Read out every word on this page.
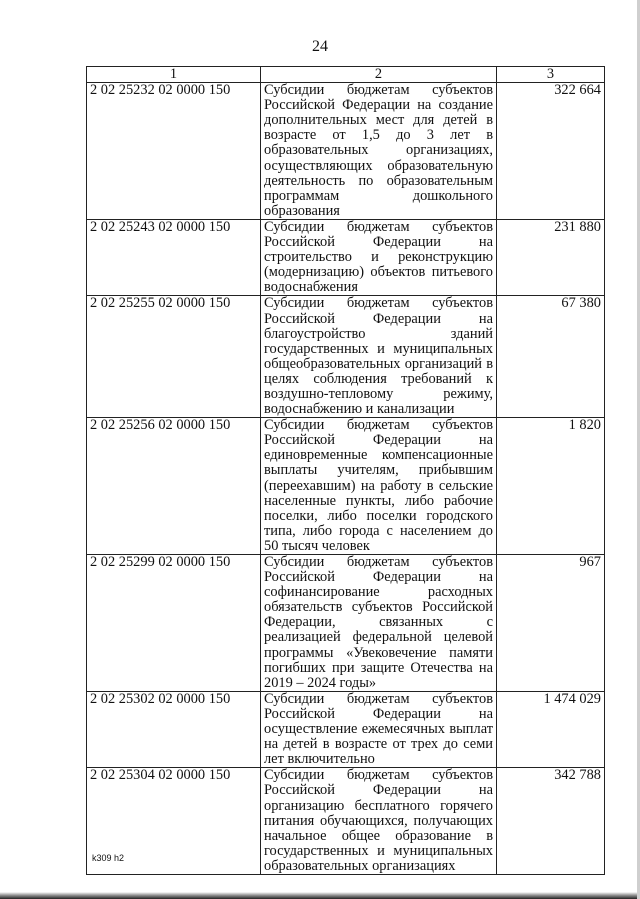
24
1	2	3
2 02 25232 02 0000 150	Субсидии бюджетам субъектов Российской Федерации на создание дополнительных мест для детей в возрасте от 1,5 до 3 лет в образовательных организациях, осуществляющих образовательную деятельность по образовательным программам дошкольного образования	322 664
2 02 25243 02 0000 150	Субсидии бюджетам субъектов Российской Федерации на строительство и реконструкцию (модернизацию) объектов питьевого водоснабжения	231 880
2 02 25255 02 0000 150	Субсидии бюджетам субъектов Российской Федерации на благоустройство зданий государственных и муниципальных общеобразовательных организаций в целях соблюдения требований к воздушно-тепловому режиму, водоснабжению и канализации	67 380
2 02 25256 02 0000 150	Субсидии бюджетам субъектов Российской Федерации на единовременные компенсационные выплаты учителям, прибывшим (переехавшим) на работу в сельские населенные пункты, либо рабочие поселки, либо поселки городского типа, либо города с населением до 50 тысяч человек	1 820
2 02 25299 02 0000 150	Субсидии бюджетам субъектов Российской Федерации на софинансирование расходных обязательств субъектов Российской Федерации, связанных с реализацией федеральной целевой программы «Увековечение памяти погибших при защите Отечества на 2019 – 2024 годы»	967
2 02 25302 02 0000 150	Субсидии бюджетам субъектов Российской Федерации на осуществление ежемесячных выплат на детей в возрасте от трех до семи лет включительно	1 474 029
2 02 25304 02 0000 150	Субсидии бюджетам субъектов Российской Федерации на организацию бесплатного горячего питания обучающихся, получающих начальное общее образование в государственных и муниципальных образовательных организациях	342 788
k309 h2
